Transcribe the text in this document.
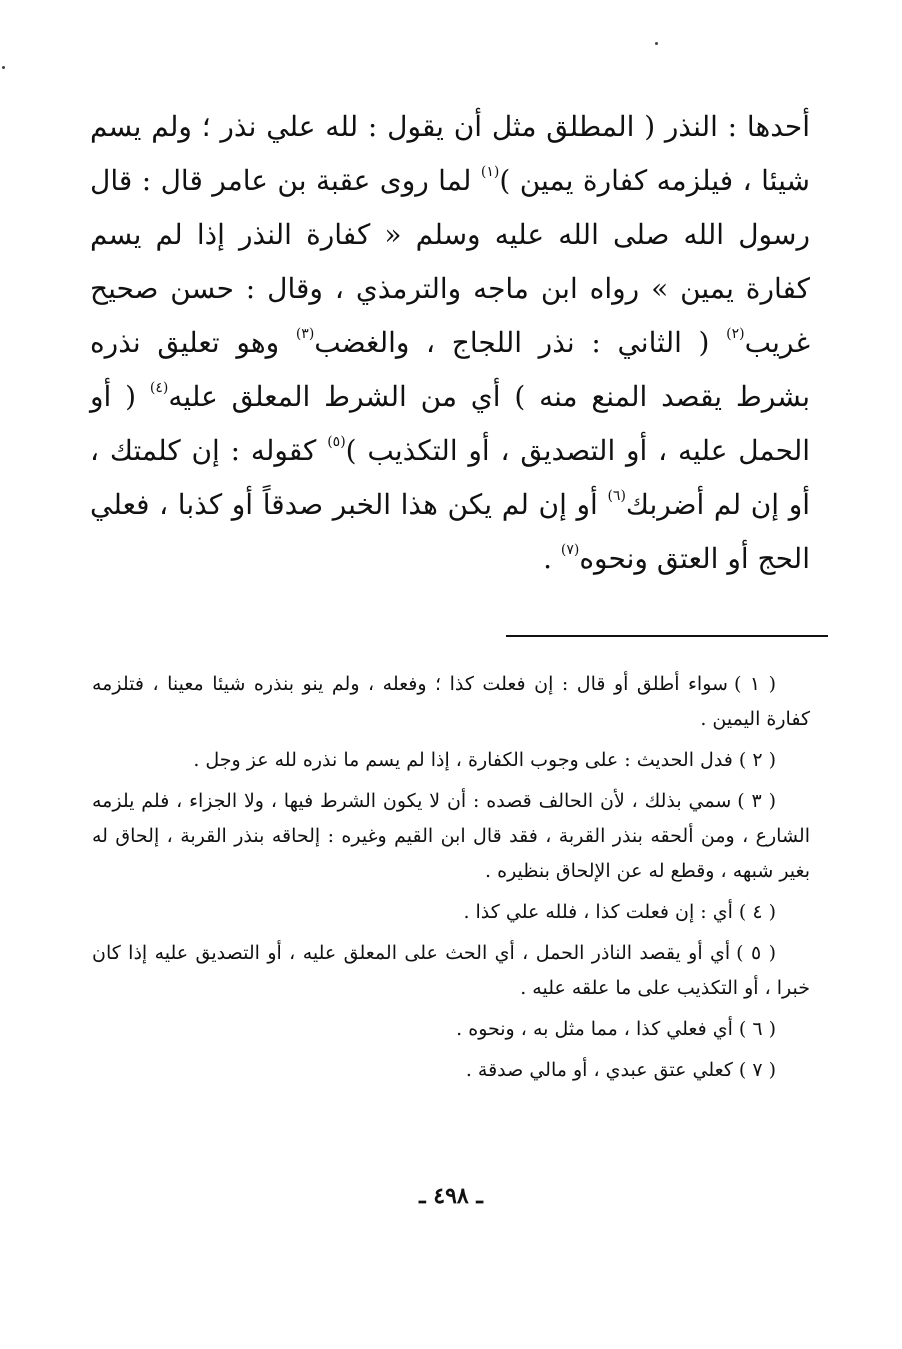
أحدها : النذر ( المطلق مثل أن يقول : لله علي نذر ؛ ولم يسم شيئا ، فيلزمه كفارة يمين )$^{(١)}$ لما روى عقبة بن عامر قال : قال رسول الله صلى الله عليه وسلم « كفارة النذر إذا لم يسم كفارة يمين » رواه ابن ماجه والترمذي ، وقال : حسن صحيح غريب$^{(٢)}$ ( الثاني : نذر اللجاج ، والغضب$^{(٣)}$ وهو تعليق نذره بشرط يقصد المنع منه ) أي من الشرط المعلق عليه$^{(٤)}$ ( أو الحمل عليه ، أو التصديق ، أو التكذيب )$^{(٥)}$ كقوله : إن كلمتك ، أو إن لم أضربك$^{(٦)}$ أو إن لم يكن هذا الخبر صدقاً أو كذبا ، فعلي الحج أو العتق ونحوه$^{(٧)}$ .

( ١ )سواء أطلق أو قال : إن فعلت كذا ؛ وفعله ، ولم ينو بنذره شيئا معينا ، فتلزمه كفارة اليمين .

( ٢ )فدل الحديث : على وجوب الكفارة ، إذا لم يسم ما نذره لله عز وجل .

( ٣ )سمي بذلك ، لأن الحالف قصده : أن لا يكون الشرط فيها ، ولا الجزاء ، فلم يلزمه الشارع ، ومن ألحقه بنذر القربة ، فقد قال ابن القيم وغيره : إلحاقه بنذر القربة ، إلحاق له بغير شبهه ، وقطع له عن الإلحاق بنظيره .

( ٤ )أي : إن فعلت كذا ، فلله علي كذا .

( ٥ )أي أو يقصد الناذر الحمل ، أي الحث على المعلق عليه ، أو التصديق عليه إذا كان خبرا ، أو التكذيب على ما علقه عليه .

( ٦ )أي فعلي كذا ، مما مثل به ، ونحوه .

( ٧ )كعلي عتق عبدي ، أو مالي صدقة .

ـ ٤٩٨ ـ
